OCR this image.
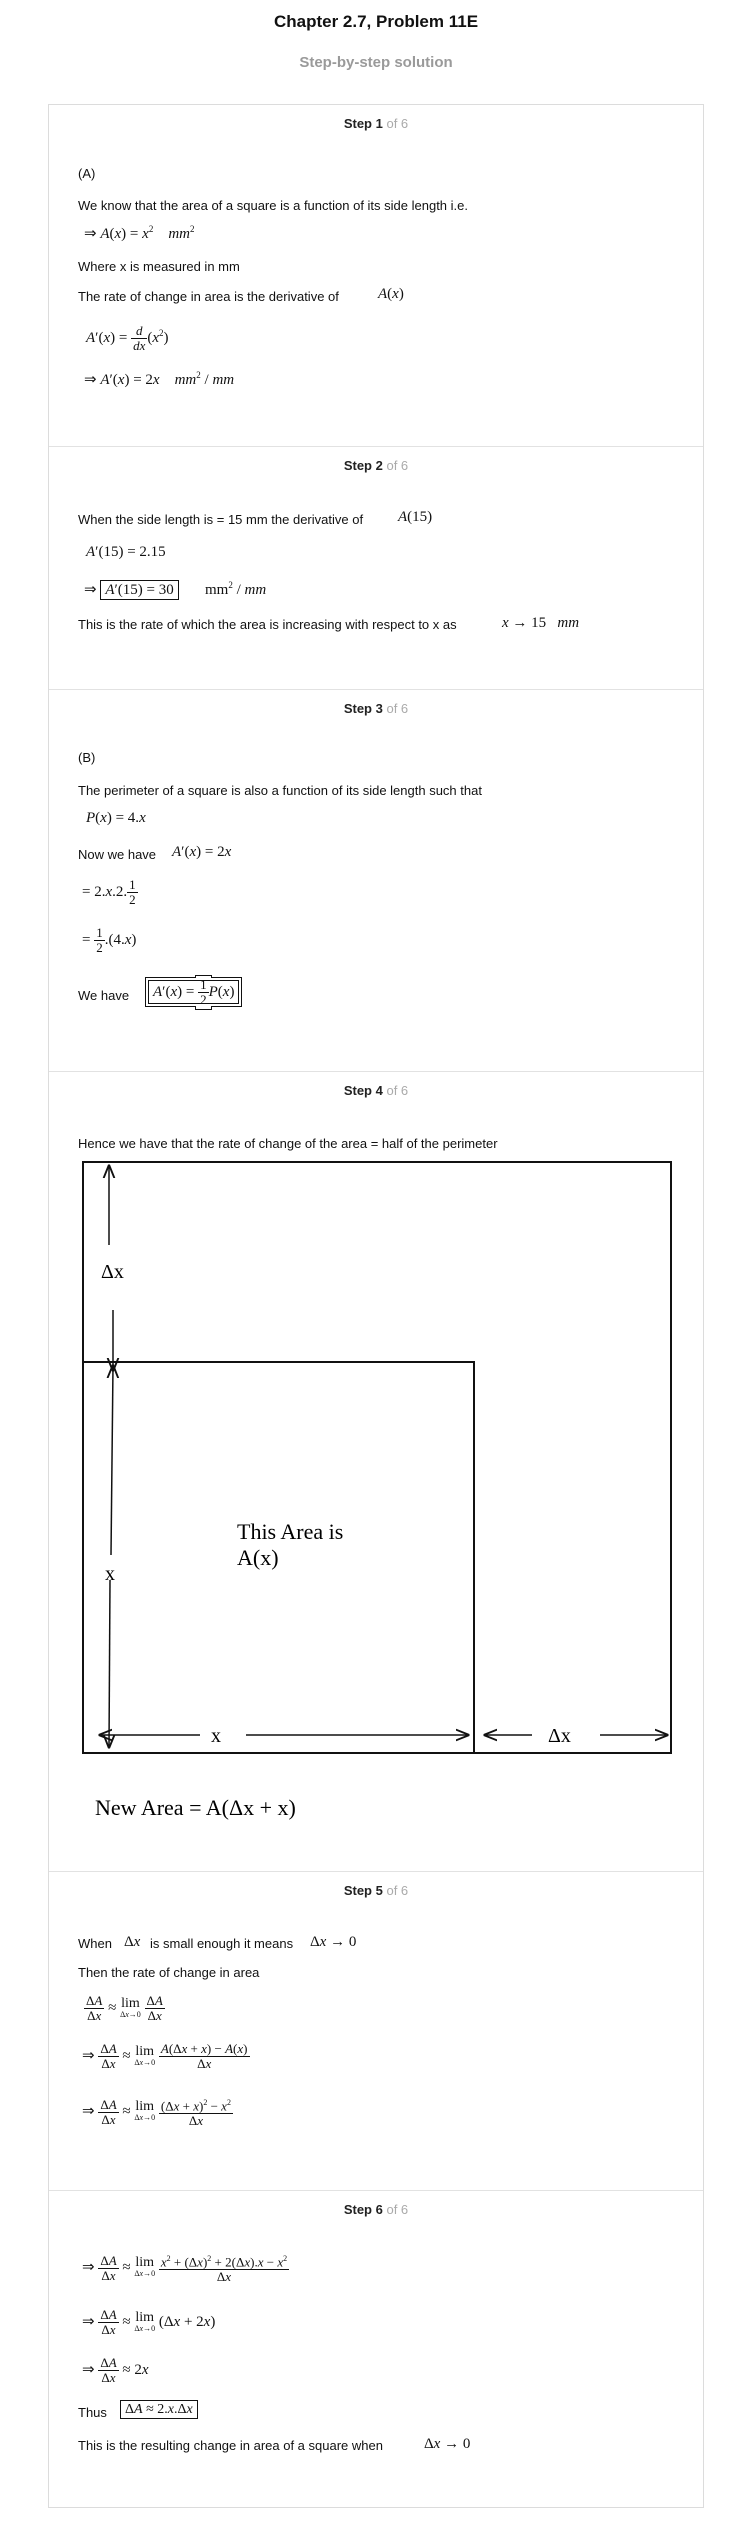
Chapter 2.7, Problem 11E
Step-by-step solution
Step 1 of 6
(A)
We know that the area of a square is a function of its side length i.e.
⇒ $A(x) = x^2$ $mm^2$
Where x is measured in mm
The rate of change in area is the derivative of	A(x)
$A'(x) = \frac{d}{dx} (x^2)$
⇒ A′(x) = 2x $mm^2$ / mm
Step 2 of 6
When the side length is = 15 mm the derivative of A(15)
A′(15) = 2.15
⇒ A′(15) = 30       $mm^2$ / mm
This is the rate of which the area is increasing with respect to x as	x → 15   mm
Step 3 of 6
(B)
The perimeter of a square is also a function of its side length such that
P(x) = 4.x
Now we have A′(x) = 2x
= 2.x.2. $\frac{1}{2}$
= $\frac{1}{2} .(4.x)$
We have	$A'(x) = \frac{1}{2} P(x)$
Step 4 of 6
Hence we have that the rate of change of the area = half of the perimeter
Δx
x
This Area is
A(x)
x	Δx
New Area = A(Δx + x)
Step 5 of 6
When Δx is small enough it means Δx → 0
Then the rate of change in area
$\frac{\Delta A}{\Delta x} \approx \lim$
Δx→0
$\frac{\Delta A}{\Delta x}$
⇒ $\frac{\Delta A}{\Delta x} \approx \lim$
Δx→0
$\frac{A(\Delta x + x) - A(x)}{\Delta x}$
⇒ $\frac{\Delta A}{\Delta x} \approx \lim$
Δx→0
$\frac{(\Delta x + x)^2 - x^2}{\Delta x}$
Step 6 of 6
⇒ $\frac{\Delta A}{\Delta x} \approx \lim$
Δx→0
$\frac{x^2 + (\Delta x)^2 + 2(\Delta x).x - x^2}{\Delta x}$
⇒ $\frac{\Delta A}{\Delta x} \approx \lim$
Δx→0 (Δx + 2x)
⇒ $\frac{\Delta A}{\Delta x} \approx 2x$
Thus	ΔA ≈ 2.x.Δx
This is the resulting change in area of a square when	Δx → 0
